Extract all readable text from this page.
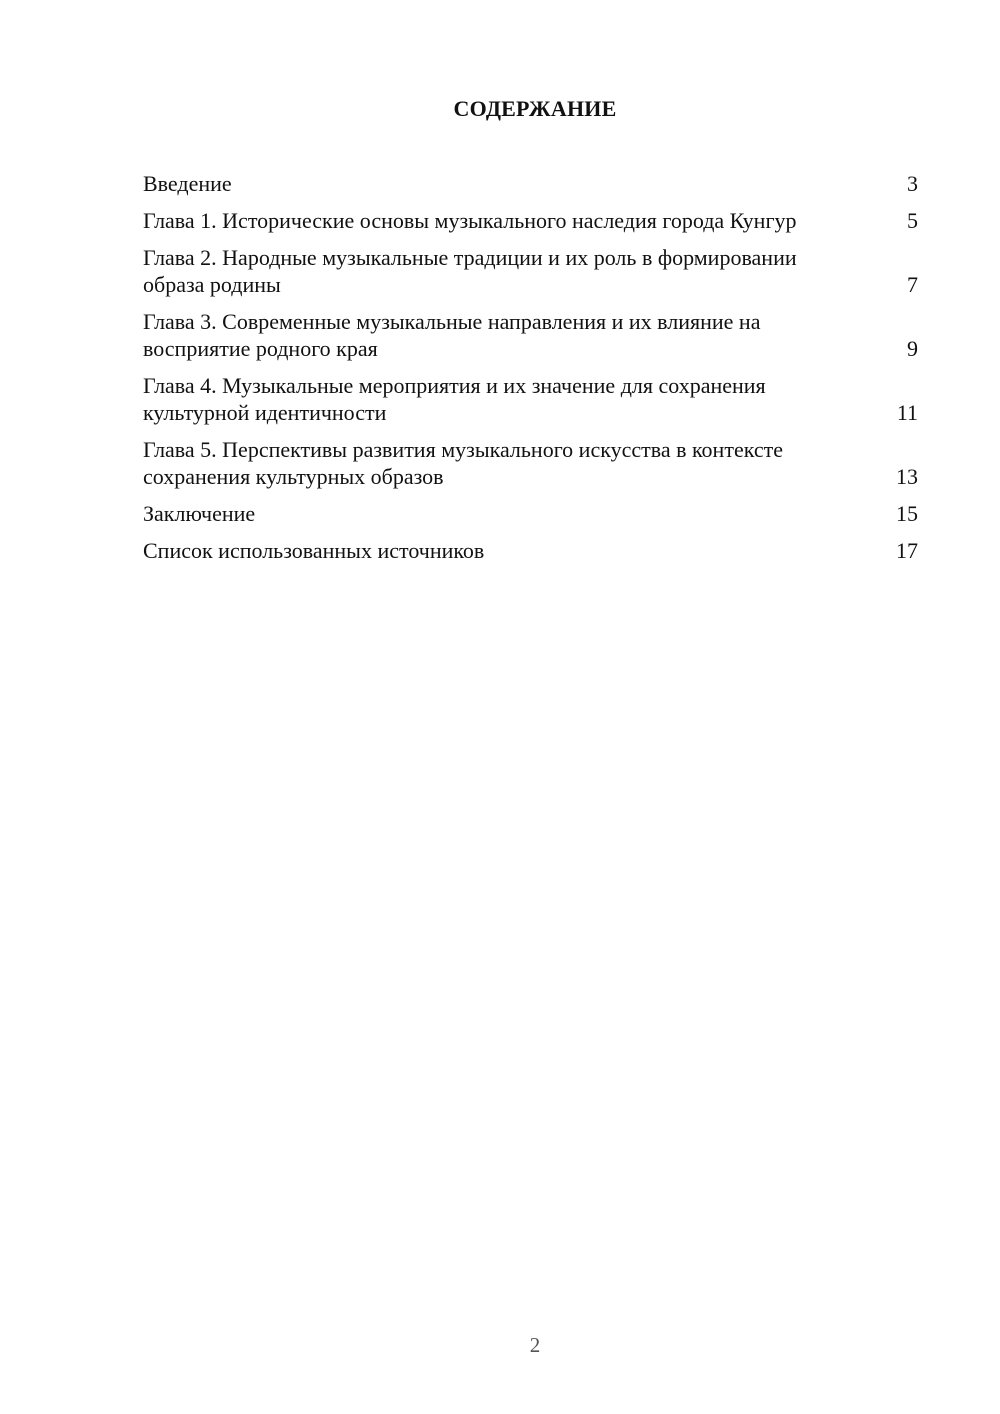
СОДЕРЖАНИЕ
Введение	3
Глава 1. Исторические основы музыкального наследия города Кунгур	5
Глава 2. Народные музыкальные традиции и их роль в формировании образа родины	7
Глава 3. Современные музыкальные направления и их влияние на восприятие родного края	9
Глава 4. Музыкальные мероприятия и их значение для сохранения культурной идентичности	11
Глава 5. Перспективы развития музыкального искусства в контексте сохранения культурных образов	13
Заключение	15
Список использованных источников	17
2
